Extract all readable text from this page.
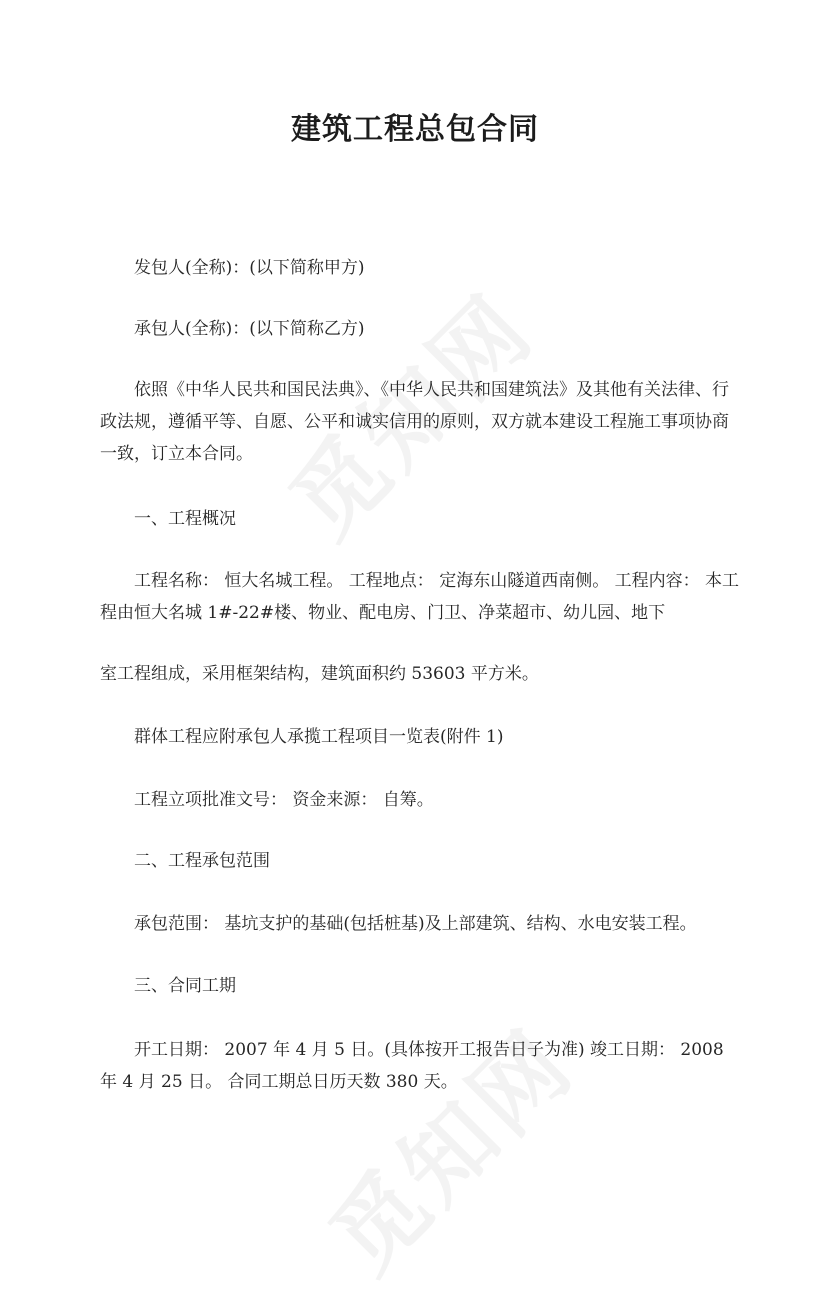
建筑工程总包合同
发包人(全称)：(以下简称甲方)
承包人(全称)：(以下简称乙方)
依照《中华人民共和国民法典》、《中华人民共和国建筑法》及其他有关法律、行政法规，遵循平等、自愿、公平和诚实信用的原则，双方就本建设工程施工事项协商一致，订立本合同。
一、工程概况
工程名称： 恒大名城工程。 工程地点： 定海东山隧道西南侧。 工程内容： 本工程由恒大名城 1#-22#楼、物业、配电房、门卫、净菜超市、幼儿园、地下
室工程组成，采用框架结构，建筑面积约 53603 平方米。
群体工程应附承包人承揽工程项目一览表(附件 1)
工程立项批准文号： 资金来源： 自筹。
二、工程承包范围
承包范围： 基坑支护的基础(包括桩基)及上部建筑、结构、水电安装工程。
三、合同工期
开工日期： 2007 年 4 月 5 日。(具体按开工报告日子为准) 竣工日期： 2008 年 4 月 25 日。 合同工期总日历天数 380 天。
